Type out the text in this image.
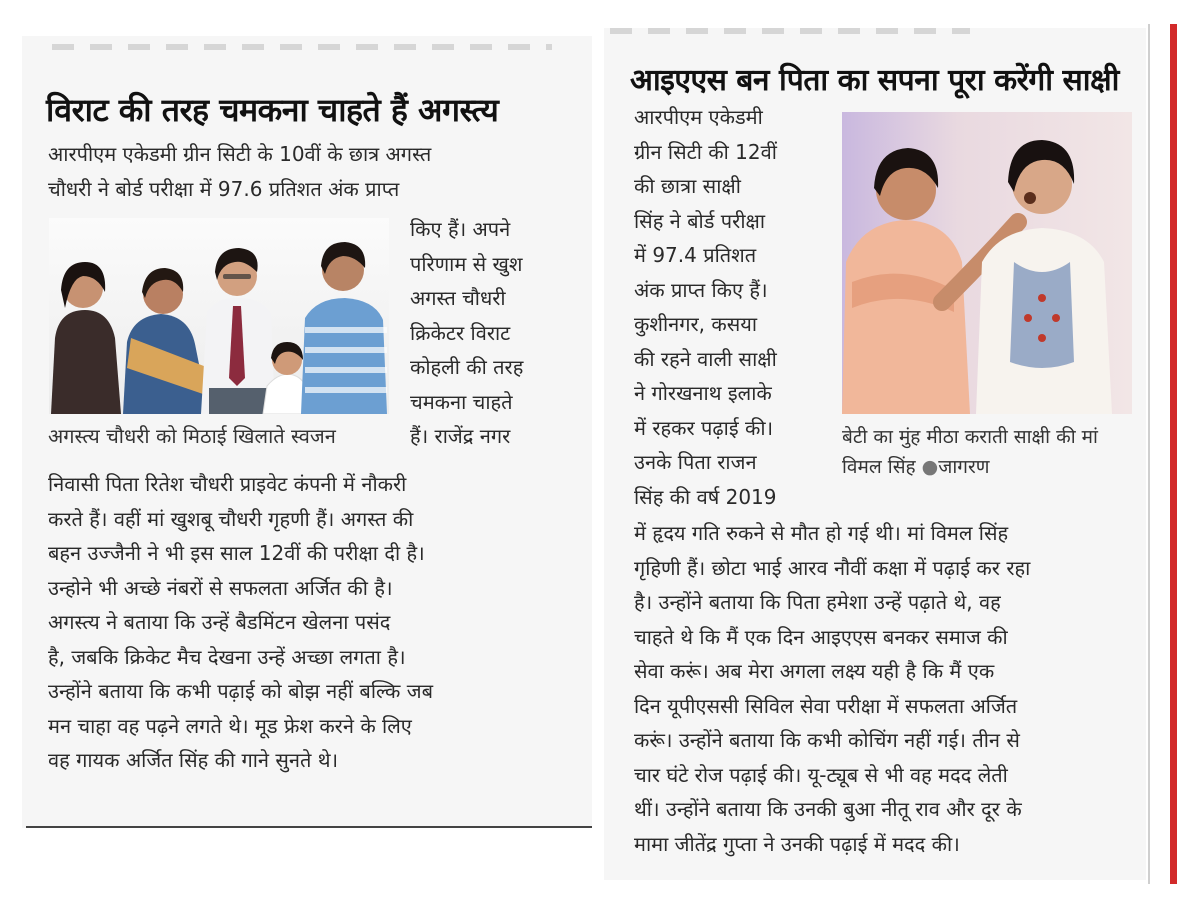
विराट की तरह चमकना चाहते हैं अगस्त्य
आरपीएम एकेडमी ग्रीन सिटी के 10वीं के छात्र अगस्त
चौधरी ने बोर्ड परीक्षा में 97.6 प्रतिशत अंक प्राप्त
किए हैं। अपने
परिणाम से खुश
अगस्त चौधरी
क्रिकेटर विराट
कोहली की तरह
चमकना चाहते
हैं। राजेंद्र नगर
अगस्त्य चौधरी को मिठाई खिलाते स्वजन
निवासी पिता रितेश चौधरी प्राइवेट कंपनी में नौकरी
करते हैं। वहीं मां खुशबू चौधरी गृहणी हैं। अगस्त की
बहन उज्जैनी ने भी इस साल 12वीं की परीक्षा दी है।
उन्होने भी अच्छे नंबरों से सफलता अर्जित की है।
अगस्त्य ने बताया कि उन्हें बैडमिंटन खेलना पसंद
है, जबकि क्रिकेट मैच देखना उन्हें अच्छा लगता है।
उन्होंने बताया कि कभी पढ़ाई को बोझ नहीं बल्कि जब
मन चाहा वह पढ़ने लगते थे। मूड फ्रेश करने के लिए
वह गायक अर्जित सिंह की गाने सुनते थे।
आइएएस बन पिता का सपना पूरा करेंगी साक्षी
आरपीएम एकेडमी
ग्रीन सिटी की 12वीं
की छात्रा साक्षी
सिंह ने बोर्ड परीक्षा
में 97.4 प्रतिशत
अंक प्राप्त किए हैं।
कुशीनगर, कसया
की रहने वाली साक्षी
ने गोरखनाथ इलाके
में रहकर पढ़ाई की।
उनके पिता राजन
सिंह की वर्ष 2019
बेटी का मुंह मीठा कराती साक्षी की मां
विमल सिंह ●जागरण
में हृदय गति रुकने से मौत हो गई थी। मां विमल सिंह
गृहिणी हैं। छोटा भाई आरव नौवीं कक्षा में पढ़ाई कर रहा
है। उन्होंने बताया कि पिता हमेशा उन्हें पढ़ाते थे, वह
चाहते थे कि मैं एक दिन आइएएस बनकर समाज की
सेवा करूं। अब मेरा अगला लक्ष्य यही है कि मैं एक
दिन यूपीएससी सिविल सेवा परीक्षा में सफलता अर्जित
करूं। उन्होंने बताया कि कभी कोचिंग नहीं गई। तीन से
चार घंटे रोज पढ़ाई की। यू-ट्यूब से भी वह मदद लेती
थीं। उन्होंने बताया कि उनकी बुआ नीतू राव और दूर के
मामा जीतेंद्र गुप्ता ने उनकी पढ़ाई में मदद की।
